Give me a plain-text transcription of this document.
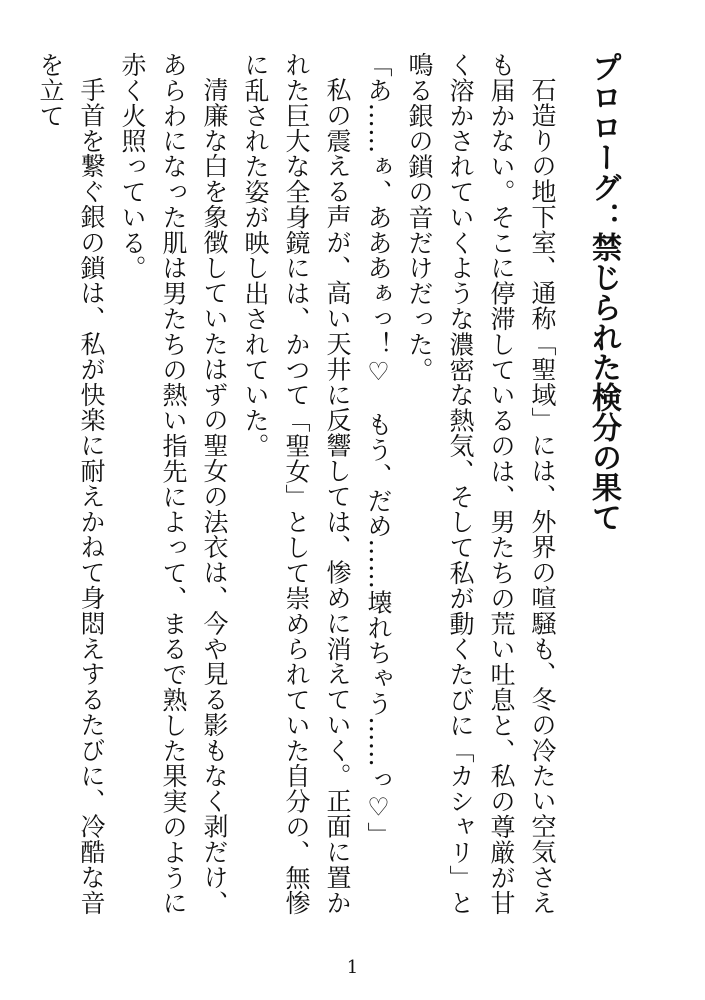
プロローグ：禁じられた検分の果て

石造りの地下室、通称「聖域」には、外界の喧騒も、冬の冷たい空気さえも届かない。そこに停滞しているのは、男たちの荒い吐息と、私の尊厳が甘く溶かされていくような濃密な熱気、そして私が動くたびに「カシャリ」と鳴る銀の鎖の音だけだった。

「あ……ぁ、あああぁっ！♡　もう、だめ……壊れちゃう……っ♡」

私の震える声が、高い天井に反響しては、惨めに消えていく。正面に置かれた巨大な全身鏡には、かつて「聖女」として崇められていた自分の、無惨に乱された姿が映し出されていた。

清廉な白を象徴していたはずの聖女の法衣は、今や見る影もなく剥だけ、あらわになった肌は男たちの熱い指先によって、まるで熟した果実のように赤く火照っている。

手首を繋ぐ銀の鎖は、私が快楽に耐えかねて身悶えするたびに、冷酷な音を立て

1
